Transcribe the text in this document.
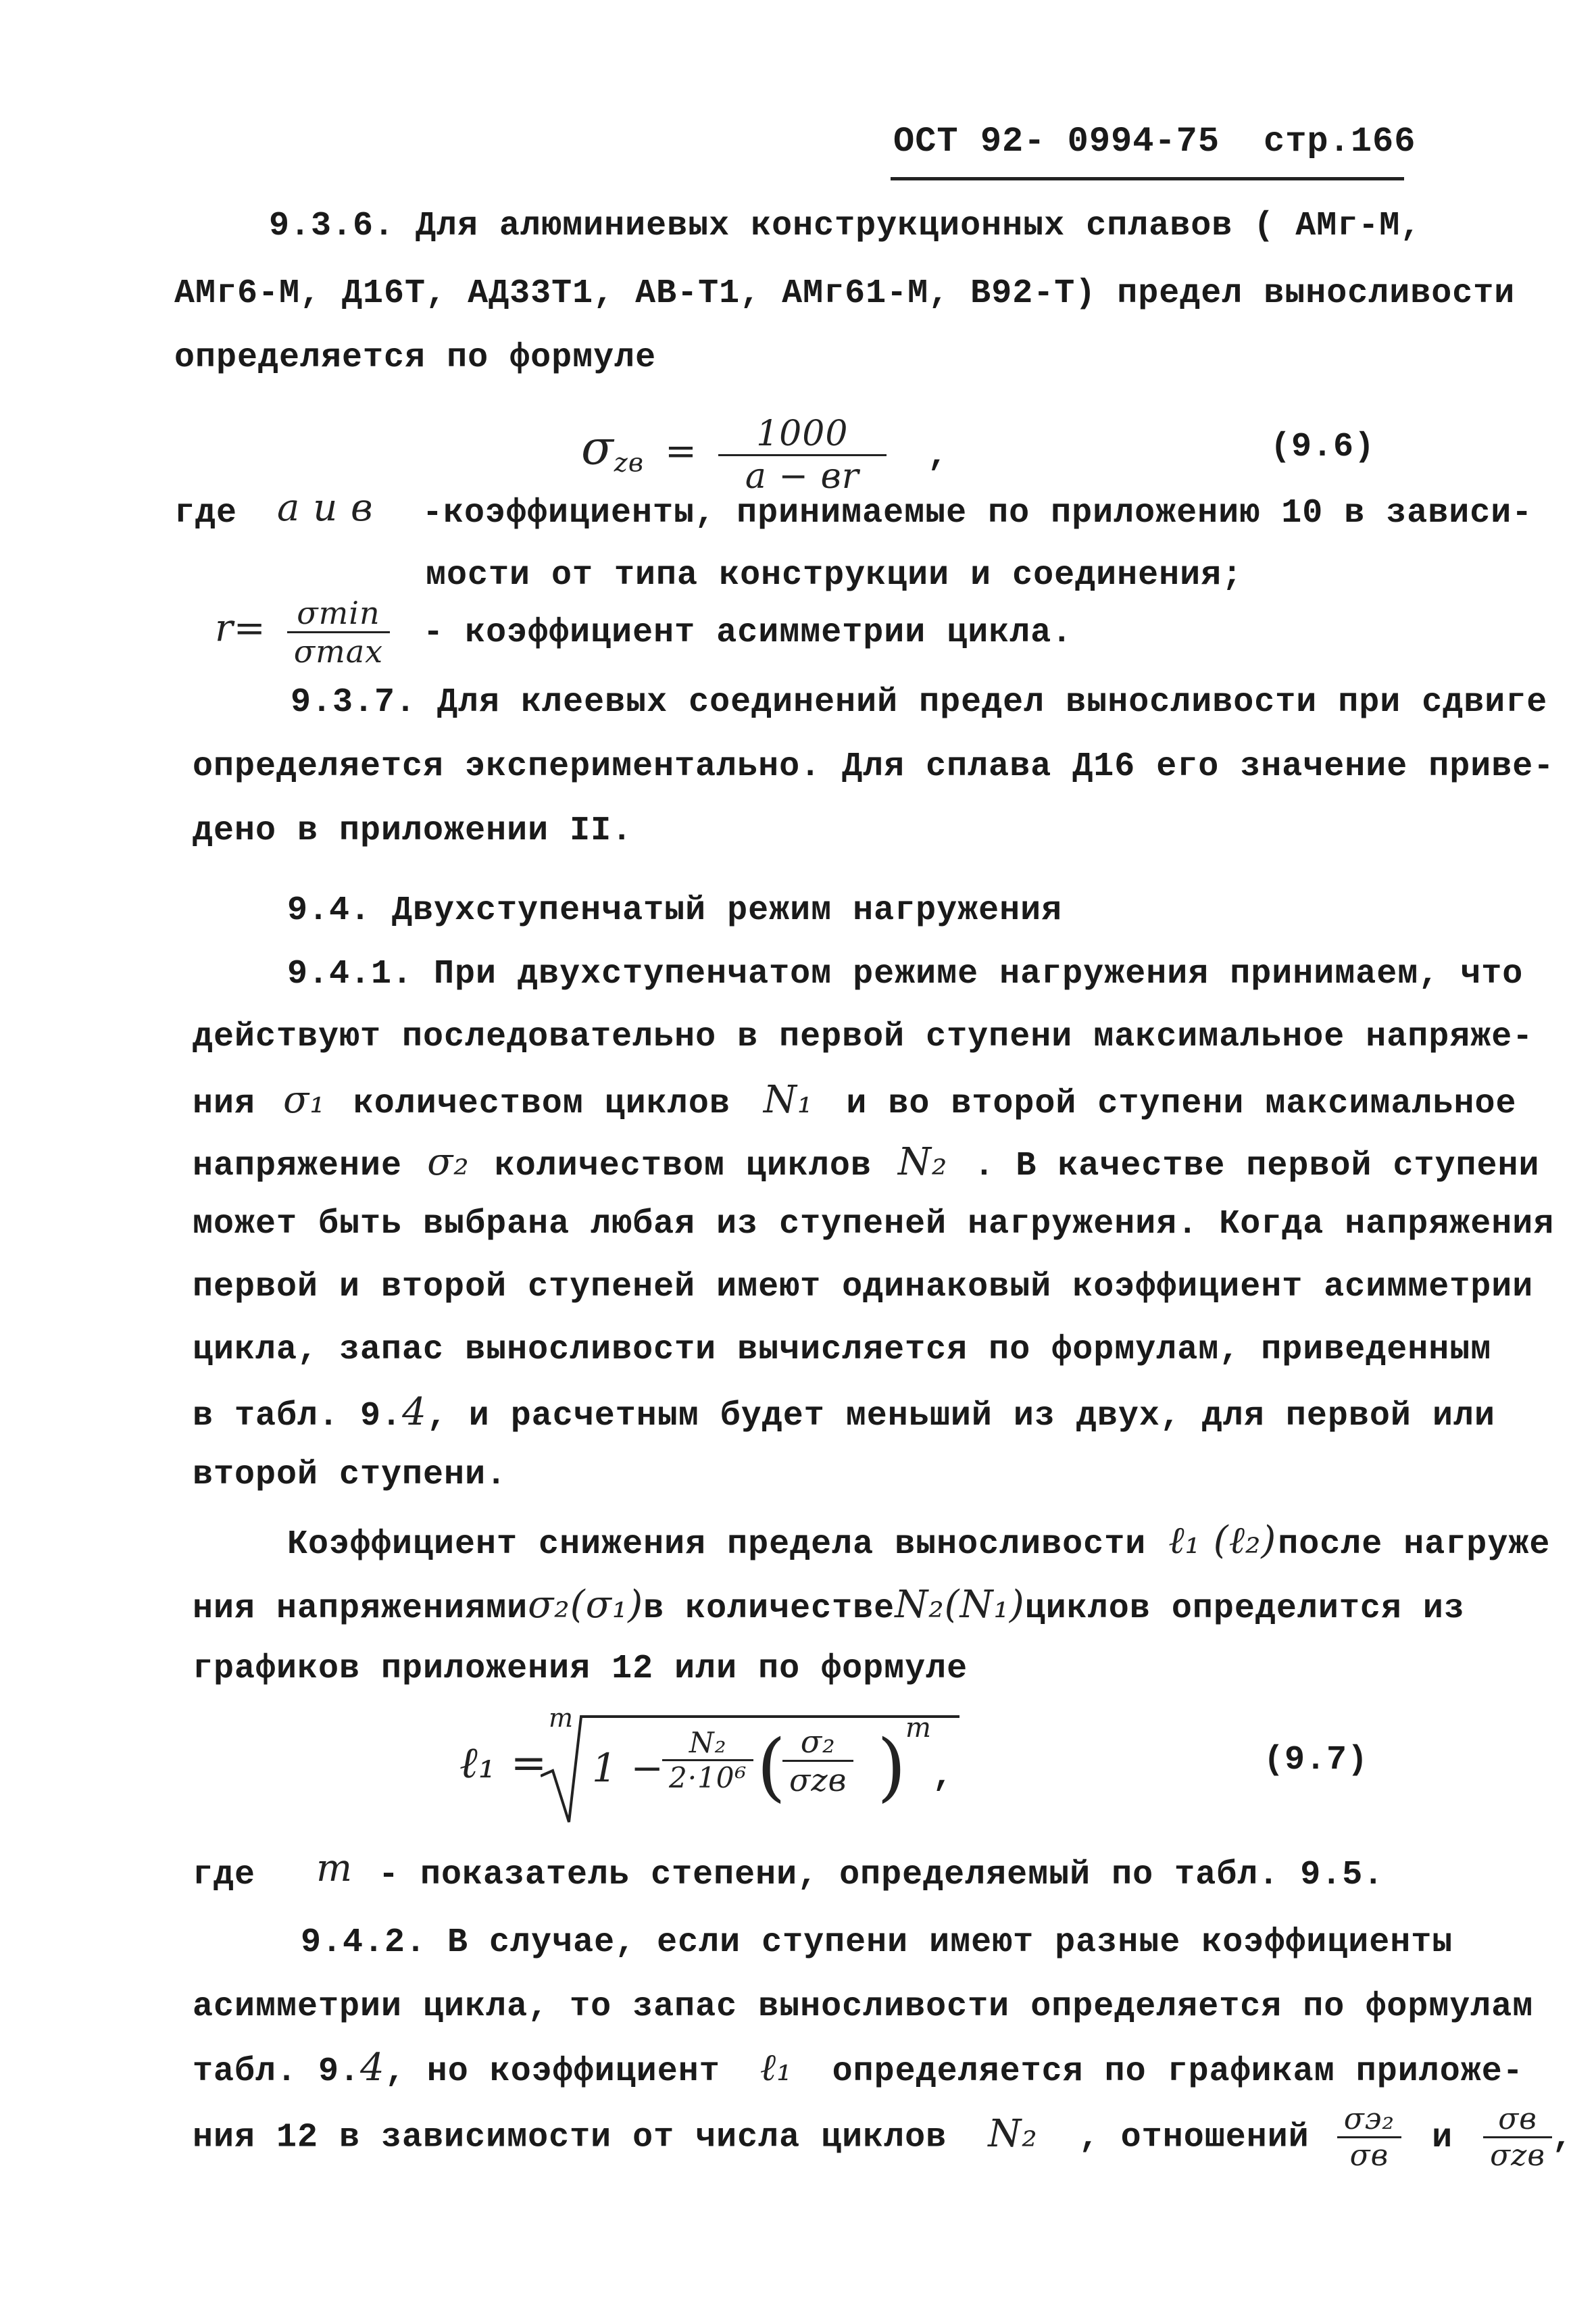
ОСТ 92- 0994-75 стр.166
9.3.6. Для алюминиевых конструкционных сплавов ( АМг-М,
АМг6-М, Д16Т, АД33Т1, АВ-Т1, АМг61-М, В92-Т) предел выносливости
определяется по формуле
$\sigma_{zв} = \frac{1000}{a - вr}$ ,	(9.6)
где a и в -коэффициенты, принимаемые по приложению 10 в зависи-
мости от типа конструкции и соединения;
$r= \frac{\sigma\min}{\sigma\max}$ - коэффициент асимметрии цикла.
9.3.7. Для клеевых соединений предел выносливости при сдвиге
определяется экспериментально. Для сплава Д16 его значение приве-
дено в приложении II.
9.4. Двухступенчатый режим нагружения
9.4.1. При двухступенчатом режиме нагружения принимаем, что
действуют последовательно в первой ступени максимальное напряже-
ния σ₁ количеством циклов N₁ и во второй ступени максимальное
напряжение σ₂ количеством циклов N₂ . В качестве первой ступени
может быть выбрана любая из ступеней нагружения. Когда напряжения
первой и второй ступеней имеют одинаковый коэффициент асимметрии
цикла, запас выносливости вычисляется по формулам, приведенным
в табл. 9.4, и расчетным будет меньший из двух, для первой или
второй ступени.
Коэффициент снижения предела выносливости ℓ₁ (ℓ₂)после нагруже
ния напряжениямиσ₂(σ₁)в количествеN₂(N₁)циклов определится из
графиков приложения 12 или по формуле
ℓ₁ =
m
1 −
$\frac{\text{N₂}}{\text{2·10⁶}}$ ( σ₂
σzв )
m
,	(9.7)
где m - показатель степени, определяемый по табл. 9.5.
9.4.2. В случае, если ступени имеют разные коэффициенты
асимметрии цикла, то запас выносливости определяется по формулам
табл. 9.4, но коэффициент ℓ₁ определяется по графикам приложе-
ния 12 в зависимости от числа циклов N₂ , отношений $\frac{\text{σэ₂}}{\sigma в}$ и $\frac{\sigma в}{\text{σzв}}$ ,
